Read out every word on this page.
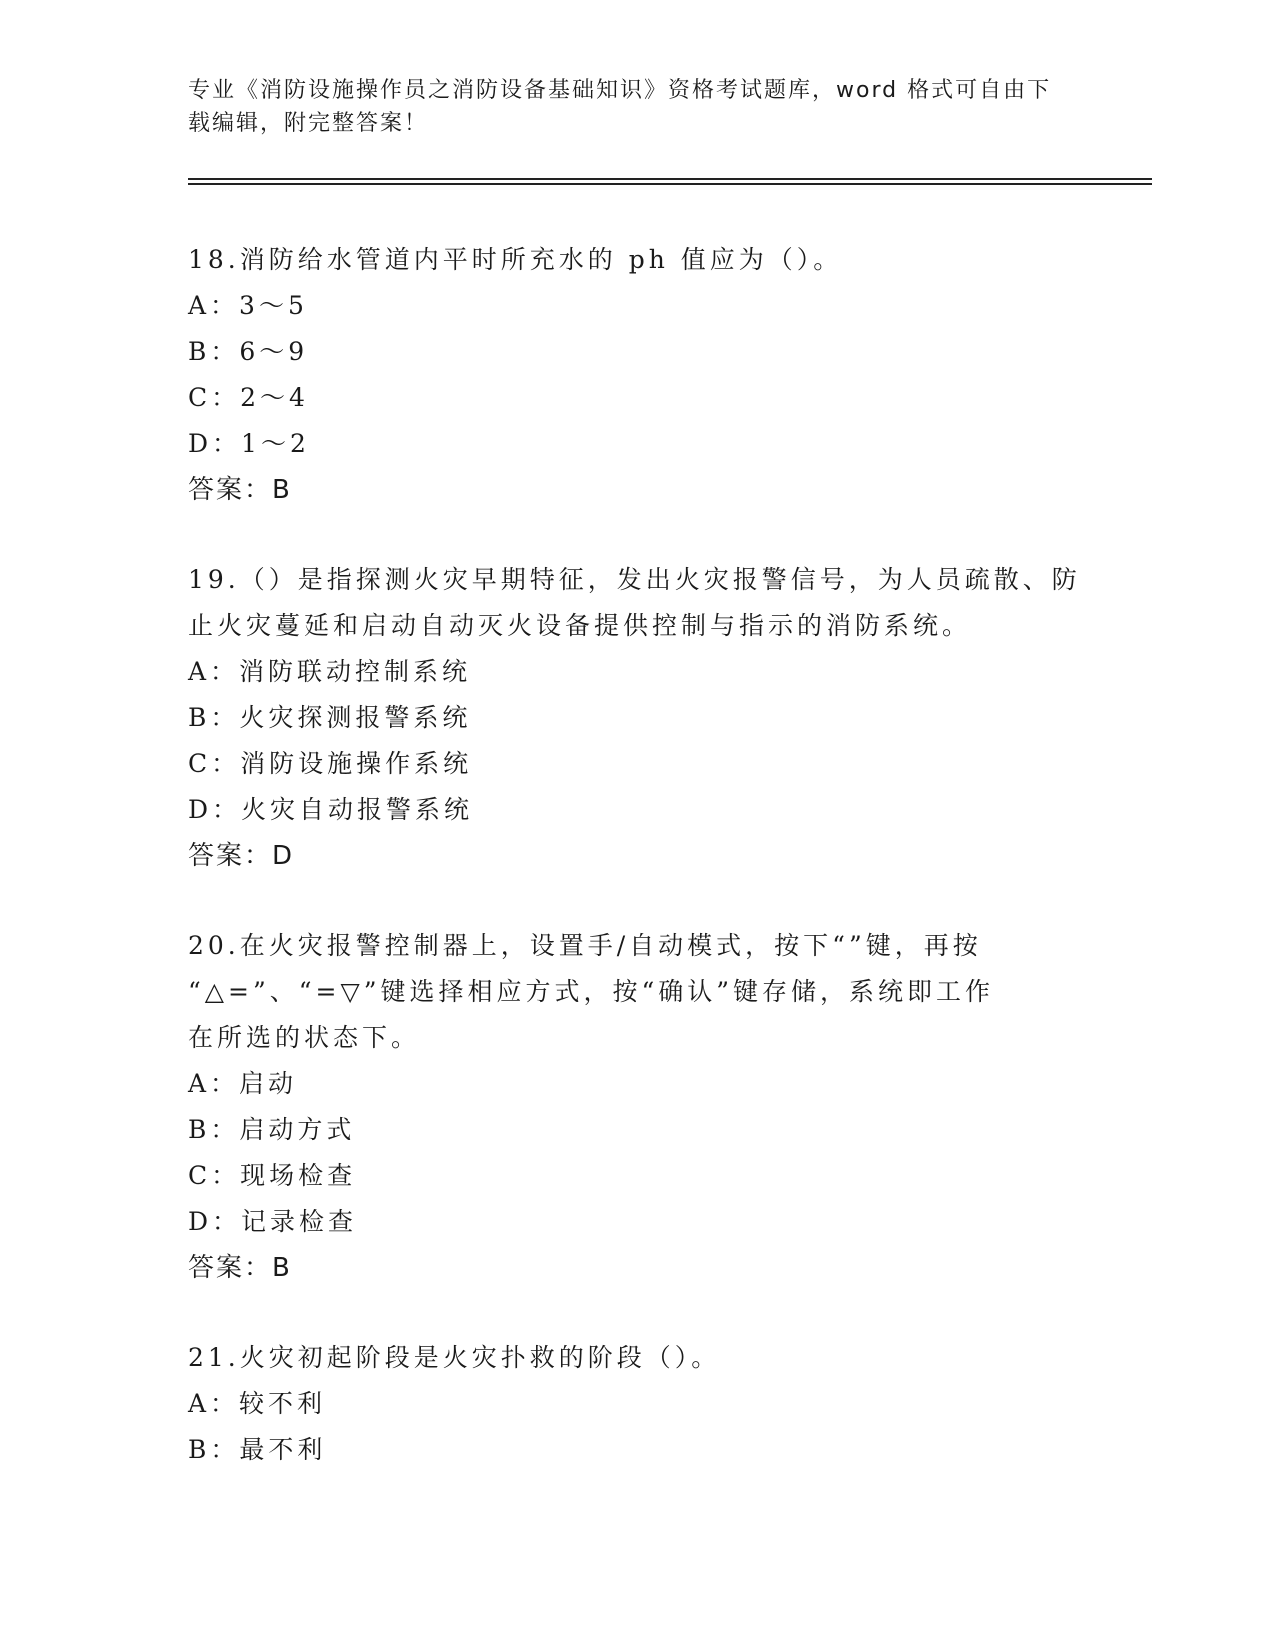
专业《消防设施操作员之消防设备基础知识》资格考试题库，word 格式可自由下
载编辑，附完整答案！

18.消防给水管道内平时所充水的 ph 值应为（）。

A：3～5

B：6～9

C：2～4

D：1～2

答案：B

19.（）是指探测火灾早期特征，发出火灾报警信号，为人员疏散、防

止火灾蔓延和启动自动灭火设备提供控制与指示的消防系统。

A：消防联动控制系统

B：火灾探测报警系统

C：消防设施操作系统

D：火灾自动报警系统

答案：D

20.在火灾报警控制器上，设置手/自动模式，按下“”键，再按

“△=”、“=▽”键选择相应方式，按“确认”键存储，系统即工作

在所选的状态下。

A：启动

B：启动方式

C：现场检查

D：记录检查

答案：B

21.火灾初起阶段是火灾扑救的阶段（）。

A：较不利

B：最不利
